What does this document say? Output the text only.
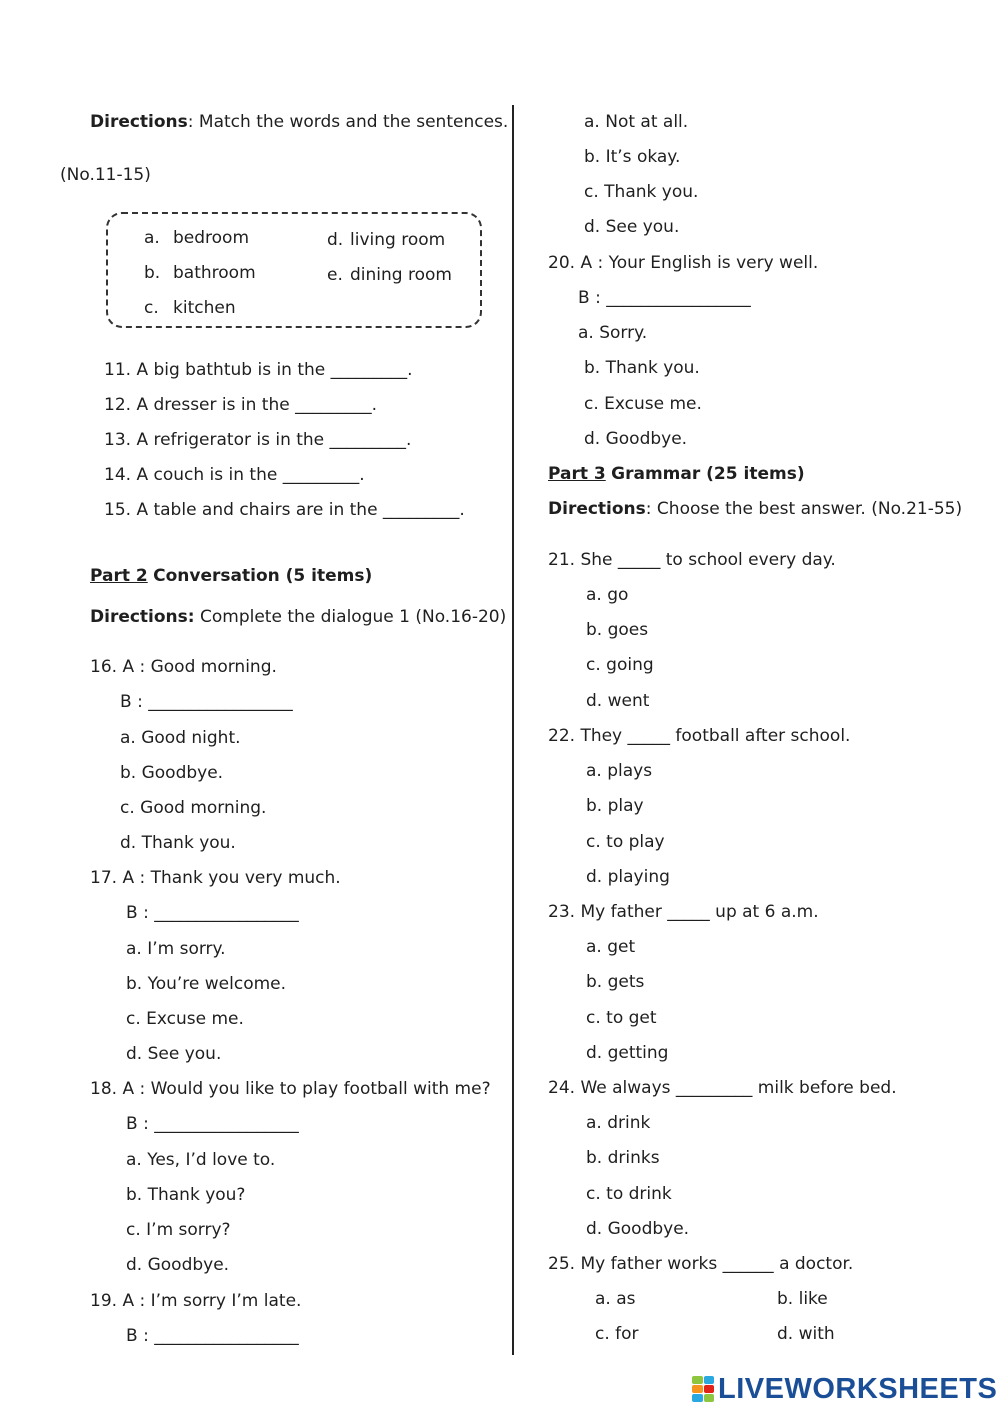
Directions: Match the words and the sentences.
(No.11-15)
a. bedroom
b. bathroom
c. kitchen
d. living room
e. dining room
11. A big bathtub is in the _________.
12. A dresser is in the _________.
13. A refrigerator is in the _________.
14. A couch is in the _________.
15. A table and chairs are in the _________.
Part 2 Conversation (5 items)
Directions: Complete the dialogue 1 (No.16-20)
16. A : Good morning.
B : _________________
a. Good night.
b. Goodbye.
c. Good morning.
d. Thank you.
17. A : Thank you very much.
B : _________________
a. I’m sorry.
b. You’re welcome.
c. Excuse me.
d. See you.
18. A : Would you like to play football with me?
B : _________________
a. Yes, I’d love to.
b. Thank you?
c. I’m sorry?
d. Goodbye.
19. A : I’m sorry I’m late.
B : _________________
a. Not at all.
b. It’s okay.
c. Thank you.
d. See you.
20. A : Your English is very well.
B : _________________
a. Sorry.
b. Thank you.
c. Excuse me.
d. Goodbye.
Part 3 Grammar (25 items)
Directions: Choose the best answer. (No.21-55)
21. She _____ to school every day.
a. go
b. goes
c. going
d. went
22. They _____ football after school.
a. plays
b. play
c. to play
d. playing
23. My father _____ up at 6 a.m.
a. get
b. gets
c. to get
d. getting
24. We always _________ milk before bed.
a. drink
b. drinks
c. to drink
d. Goodbye.
25. My father works ______ a doctor.
a. as	b. like
c. for	d. with
LIVEWORKSHEETS
